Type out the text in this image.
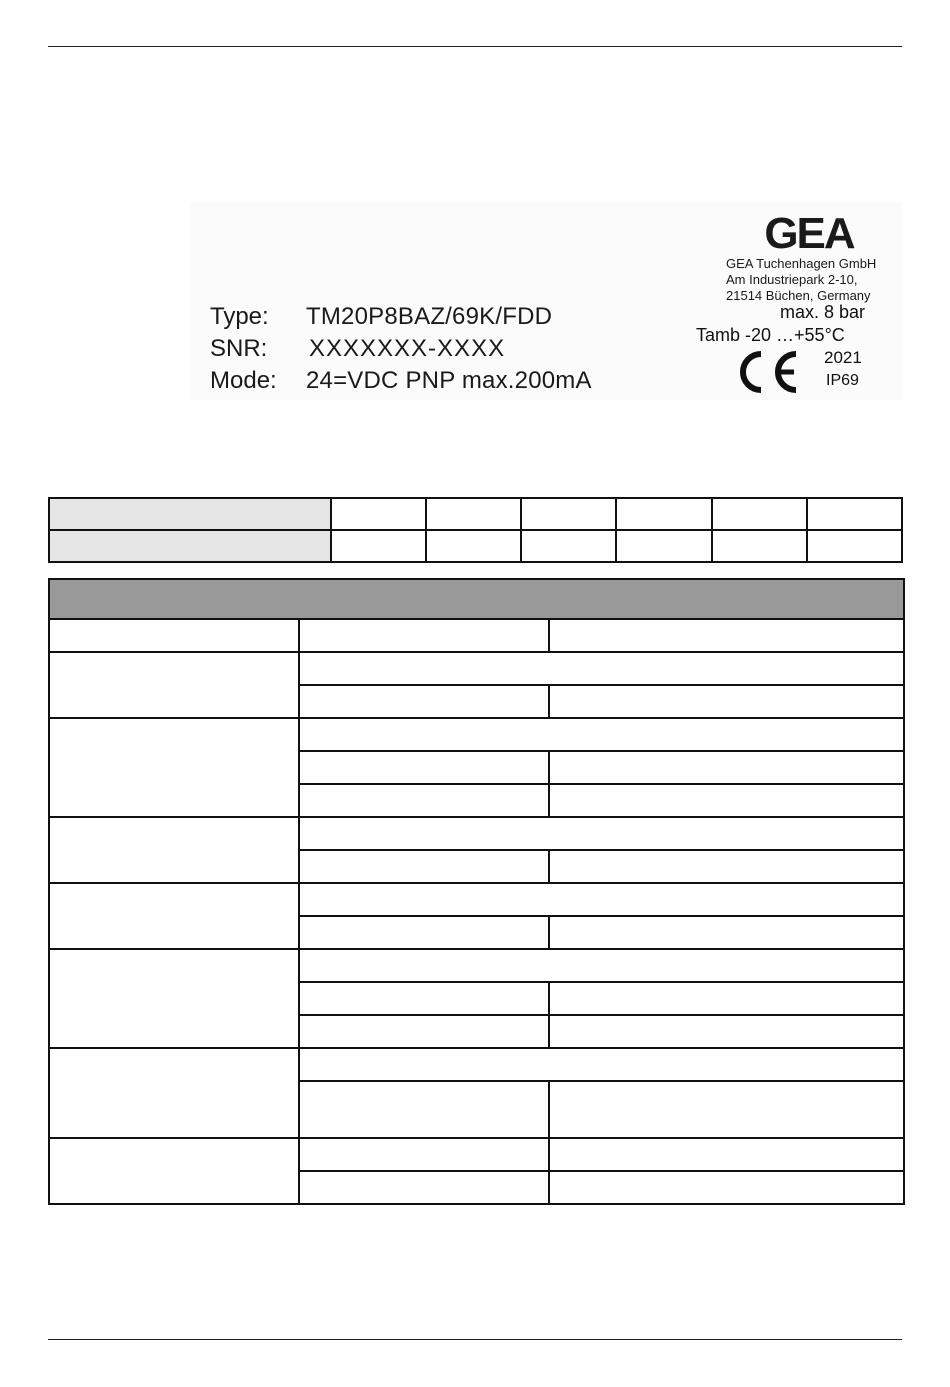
Type:	TM20P8BAZ/69K/FDD
SNR:	XXXXXXX-XXXX
Mode:	24=VDC PNP max.200mA
GEA
GEA Tuchenhagen GmbH
Am Industriepark 2-10,
21514 Büchen, Germany
max. 8 bar
Tamb -20 …+55°C
2021
IP69
